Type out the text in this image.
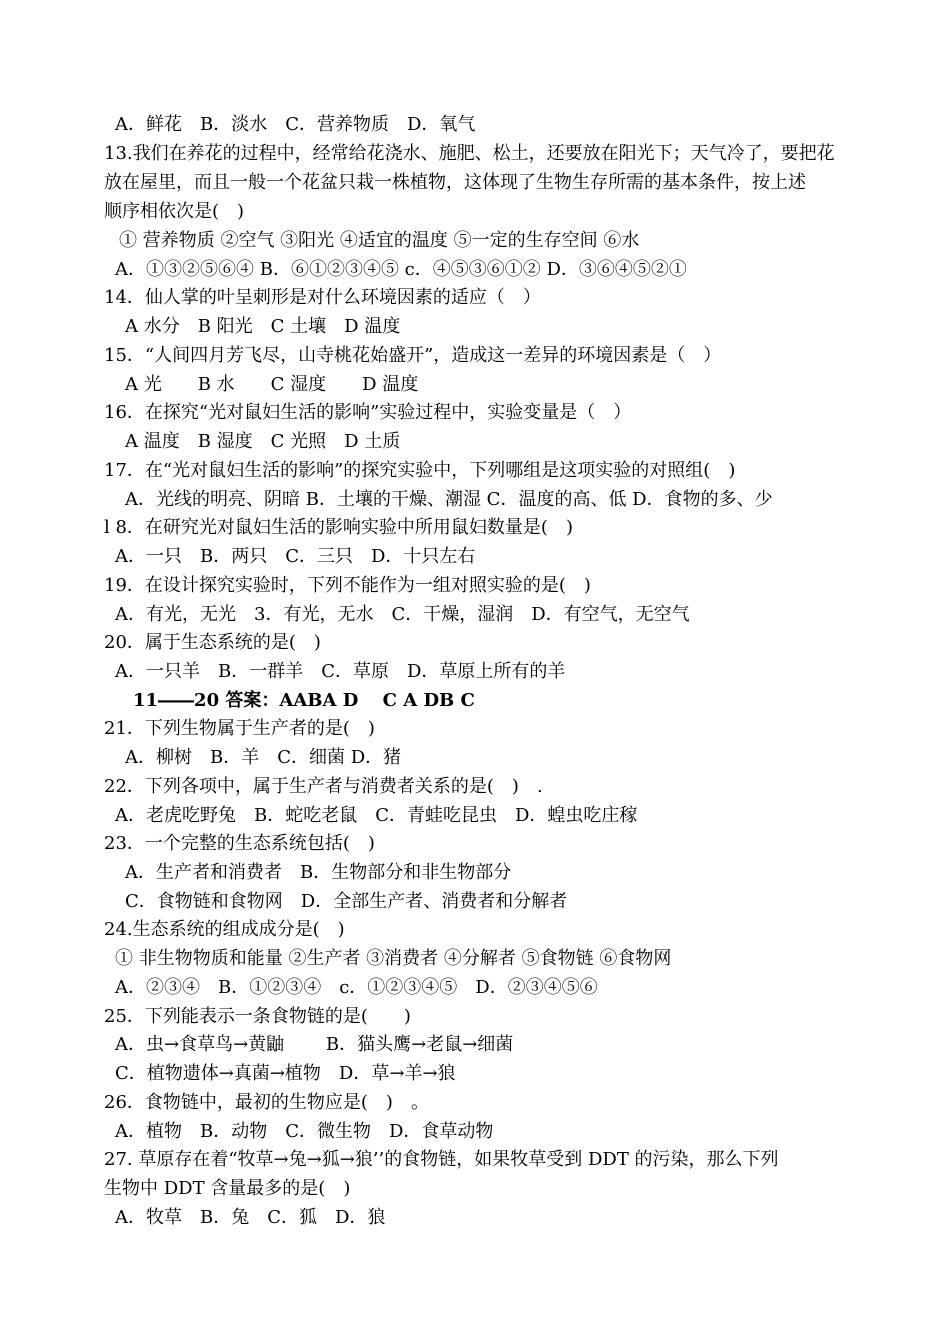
A．鲜花　B．淡水　C．营养物质　D．氧气
13.我们在养花的过程中，经常给花浇水、施肥、松土，还要放在阳光下；天气冷了，要把花
放在屋里，而且一般一个花盆只栽一株植物，这体现了生物生存所需的基本条件，按上述
顺序相依次是(　)
① 营养物质 ②空气 ③阳光 ④适宜的温度 ⑤一定的生存空间 ⑥水
A．①③②⑤⑥④ B．⑥①②③④⑤ c．④⑤③⑥①② D．③⑥④⑤②①
14．仙人掌的叶呈刺形是对什么环境因素的适应（　）
A 水分　B 阳光　C 土壤　D 温度
15．“人间四月芳飞尽，山寺桃花始盛开”，造成这一差异的环境因素是（　）
A 光　　B 水　　C 湿度　　D 温度
16．在探究“光对鼠妇生活的影响”实验过程中，实验变量是（　）
A 温度　B 湿度　C 光照　D 土质
17．在“光对鼠妇生活的影响”的探究实验中，下列哪组是这项实验的对照组(　)
A．光线的明亮、阴暗 B．土壤的干燥、潮湿 C．温度的高、低 D．食物的多、少
l 8．在研究光对鼠妇生活的影响实验中所用鼠妇数量是(　)
A．一只　B．两只　C．三只　D．十只左右
19．在设计探究实验时，下列不能作为一组对照实验的是(　)
A．有光，无光　3．有光，无水　C．干燥，湿润　D．有空气，无空气
20．属于生态系统的是(　)
A．一只羊　B．一群羊　C．草原　D．草原上所有的羊
11――20 答案：AABA D　 C A DB C
21．下列生物属于生产者的是(　)
A．柳树　B．羊　C．细菌 D．猪
22．下列各项中，属于生产者与消费者关系的是(　)　.
A．老虎吃野兔　B．蛇吃老鼠　C．青蛙吃昆虫　D．蝗虫吃庄稼
23．一个完整的生态系统包括(　)
A．生产者和消费者　B．生物部分和非生物部分
C．食物链和食物网　D．全部生产者、消费者和分解者
24.生态系统的组成成分是(　)
① 非生物物质和能量 ②生产者 ③消费者 ④分解者 ⑤食物链 ⑥食物网
A．②③④　B．①②③④　c．①②③④⑤　D．②③④⑤⑥
25．下列能表示一条食物链的是(　　)
A．虫→食草鸟→黄鼬　　 B．猫头鹰→老鼠→细菌
C．植物遗体→真菌→植物　D．草→羊→狼
26．食物链中，最初的生物应是(　)　。
A．植物　B．动物　C．微生物　D．食草动物
27. 草原存在着“牧草→兔→狐→狼’’的食物链，如果牧草受到 DDT 的污染，那么下列
生物中 DDT 含量最多的是(　)
A．牧草　B．兔　C．狐　D．狼
